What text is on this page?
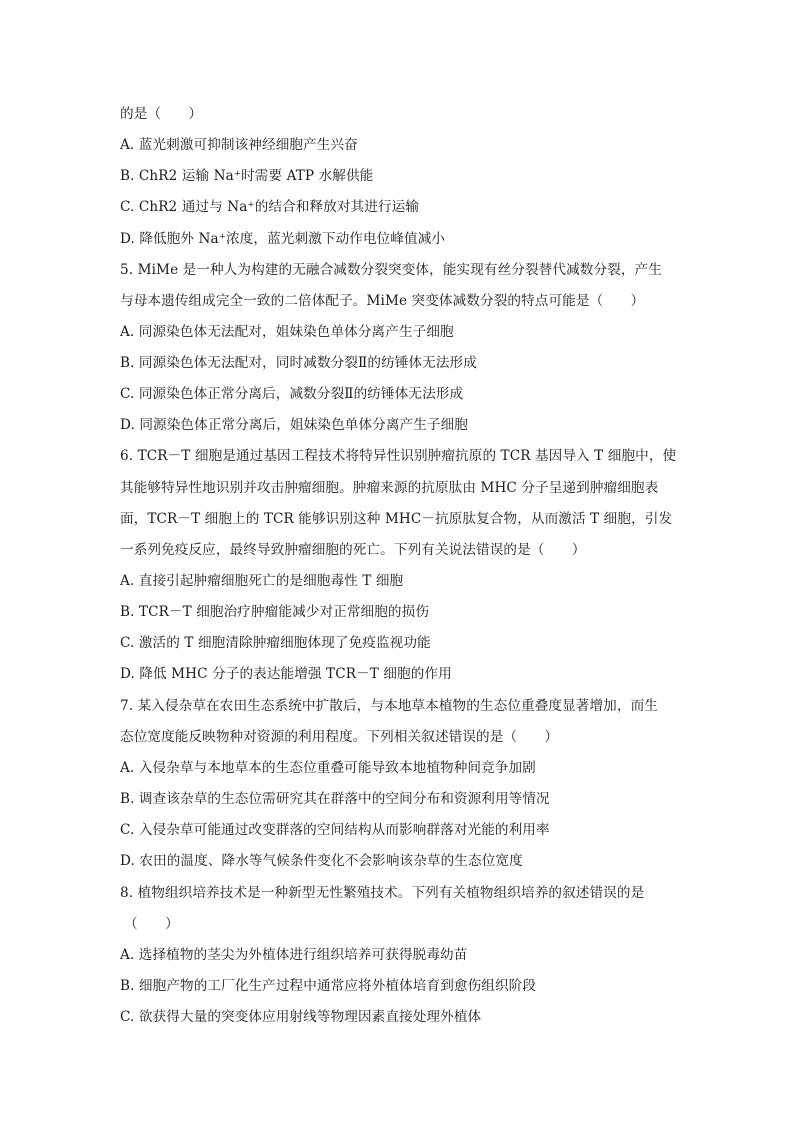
的是（　　）
A. 蓝光刺激可抑制该神经细胞产生兴奋
B. ChR2 运输 Na⁺时需要 ATP 水解供能
C. ChR2 通过与 Na⁺的结合和释放对其进行运输
D. 降低胞外 Na⁺浓度，蓝光刺激下动作电位峰值减小
5. MiMe 是一种人为构建的无融合减数分裂突变体，能实现有丝分裂替代减数分裂，产生
与母本遗传组成完全一致的二倍体配子。MiMe 突变体减数分裂的特点可能是（　　）
A. 同源染色体无法配对，姐妹染色单体分离产生子细胞
B. 同源染色体无法配对，同时减数分裂Ⅱ的纺锤体无法形成
C. 同源染色体正常分离后，减数分裂Ⅱ的纺锤体无法形成
D. 同源染色体正常分离后，姐妹染色单体分离产生子细胞
6. TCR－T 细胞是通过基因工程技术将特异性识别肿瘤抗原的 TCR 基因导入 T 细胞中，使
其能够特异性地识别并攻击肿瘤细胞。肿瘤来源的抗原肽由 MHC 分子呈递到肿瘤细胞表
面，TCR－T 细胞上的 TCR 能够识别这种 MHC－抗原肽复合物，从而激活 T 细胞，引发
一系列免疫反应，最终导致肿瘤细胞的死亡。下列有关说法错误的是（　　）
A. 直接引起肿瘤细胞死亡的是细胞毒性 T 细胞
B. TCR－T 细胞治疗肿瘤能减少对正常细胞的损伤
C. 激活的 T 细胞清除肿瘤细胞体现了免疫监视功能
D. 降低 MHC 分子的表达能增强 TCR－T 细胞的作用
7. 某入侵杂草在农田生态系统中扩散后，与本地草本植物的生态位重叠度显著增加，而生
态位宽度能反映物种对资源的利用程度。下列相关叙述错误的是（　　）
A. 入侵杂草与本地草本的生态位重叠可能导致本地植物种间竞争加剧
B. 调查该杂草的生态位需研究其在群落中的空间分布和资源利用等情况
C. 入侵杂草可能通过改变群落的空间结构从而影响群落对光能的利用率
D. 农田的温度、降水等气候条件变化不会影响该杂草的生态位宽度
8. 植物组织培养技术是一种新型无性繁殖技术。下列有关植物组织培养的叙述错误的是
（　　）
A. 选择植物的茎尖为外植体进行组织培养可获得脱毒幼苗
B. 细胞产物的工厂化生产过程中通常应将外植体培育到愈伤组织阶段
C. 欲获得大量的突变体应用射线等物理因素直接处理外植体
